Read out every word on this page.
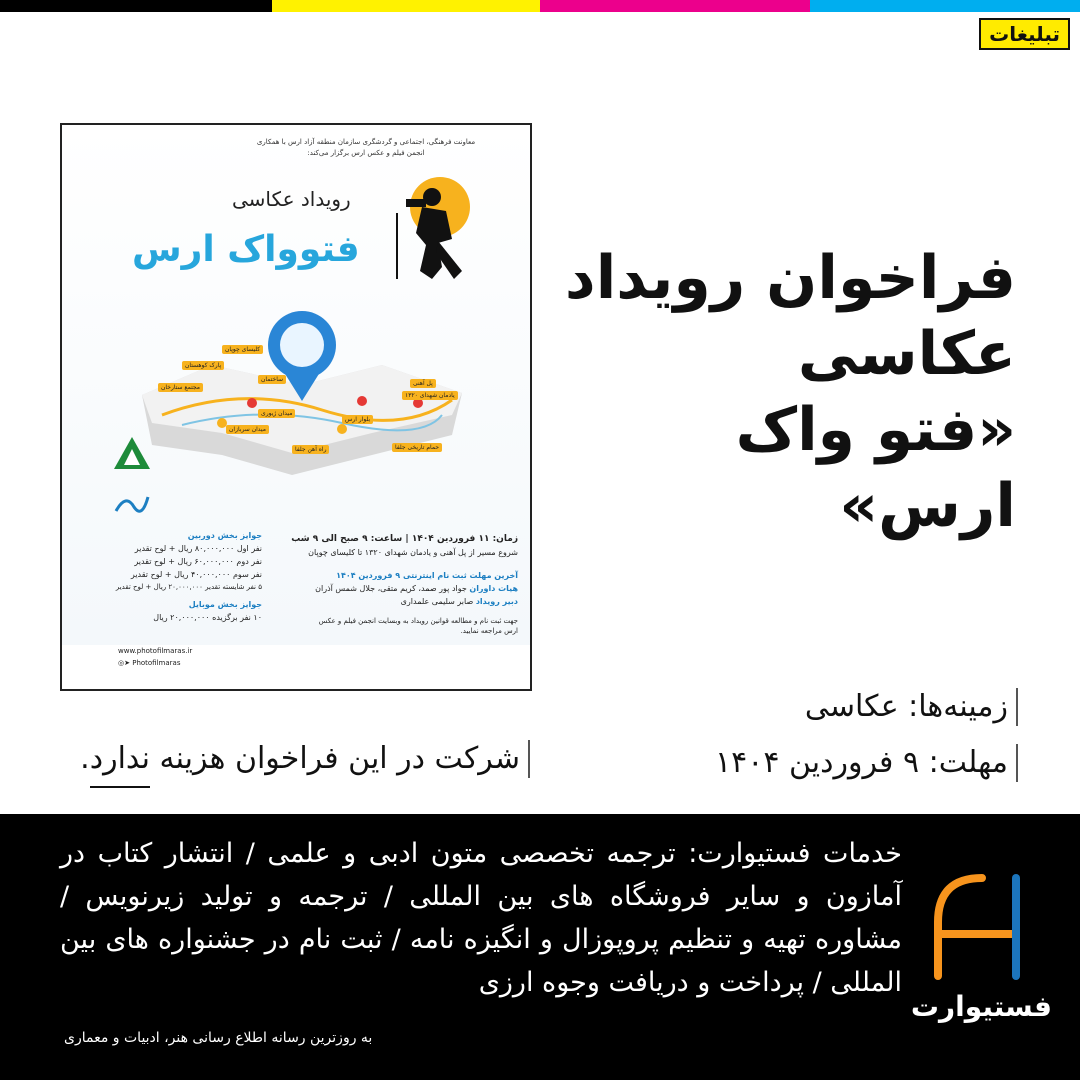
تبلیغات
معاونت فرهنگی، اجتماعی و گردشگری سازمان منطقه آزاد ارس با همکاری
انجمن فیلم و عکس ارس برگزار می‌کند:
رویداد عکاسی
فتوواک ارس
کلیسای چوپان
پارک کوهستان
مجتمع ستارخان
ساختمان
میدان ژیوری
میدان سربازان
راه آهن جلفا
بلوار ارس
پل آهنی
حمام تاریخی جلفا
یادمان شهدای ۱۳۲۰

زمان: ۱۱ فروردین ۱۴۰۴ | ساعت: ۹ صبح الی ۹ شب
شروع مسیر از پل آهنی و یادمان شهدای ۱۳۲۰ تا کلیسای چوپان
آخرین مهلت ثبت نام اینترنتی ۹ فروردین ۱۴۰۴
هیات داوران جواد پور صمد، کریم متقی، جلال شمس آذران
دبیر رویداد صابر سلیمی علمداری
جهت ثبت نام و مطالعه قوانین رویداد به وبسایت انجمن فیلم و عکس ارس مراجعه نمایید.
جوایز بخش دوربین
نفر اول ۸۰,۰۰۰,۰۰۰ ریال + لوح تقدیر
نفر دوم ۶۰,۰۰۰,۰۰۰ ریال + لوح تقدیر
نفر سوم ۴۰,۰۰۰,۰۰۰ ریال + لوح تقدیر
۵ نفر شایسته تقدیر ۲۰,۰۰۰,۰۰۰ ریال + لوح تقدیر
جوایز بخش موبایل
۱۰ نفر برگزیده ۲۰,۰۰۰,۰۰۰ ریال
www.photofilmaras.ir
◎➤ Photofilmaras
فراخوان رویداد
عکاسی
«فتو واک ارس»
زمینه‌ها: عکاسی
مهلت: ۹ فروردین ۱۴۰۴
شرکت در این فراخوان هزینه ندارد.
خدمات فستیوارت: ترجمه تخصصی متون ادبی و علمی / انتشار کتاب در آمازون و سایر فروشگاه های بین المللی / ترجمه و تولید زیرنویس / مشاوره تهیه و تنظیم پروپوزال و انگیزه نامه / ثبت نام در جشنواره های بین المللی / پرداخت و دریافت وجوه ارزی
به روزترین رسانه اطلاع رسانی هنر، ادبیات و معماری
فستیوارت
